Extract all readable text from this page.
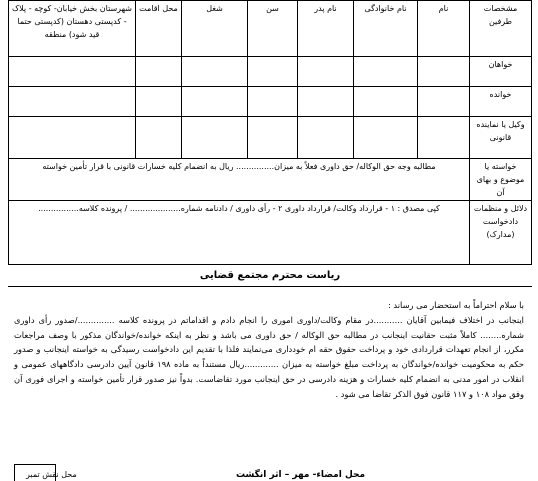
مشخصات طرفین	نام	نام خانوادگی	نام پدر	سن	شغل	محل اقامت	شهرستان بخش خیابان- کوچه - پلاک - کدپستی دهستان (کدپستی حتما قید شود) منطقه
خواهان							
خوانده							
وکیل یا نماینده قانونی							
خواسته یا موضوع و بهای آن	مطالبه وجه حق الوکاله/ حق داوری فعلاً به میزان............... ریال به انضمام کلیه خسارات قانونی با قرار تأمین خواسته						
دلائل و منظمات دادخواست (مدارک)	کپی مصدق : ۱ - قرارداد وکالت/ قرارداد داوری ۲ - رأی داوری / دادنامه شماره.................... / پرونده کلاسه................						
ریاست محترم مجتمع قضایی

با سلام احتراماً به استحضار می رساند :

اینجانب در اختلاف فیمابین آقایان ...........در مقام وکالت/داوری اموری را انجام دادم و اقداماتم در پرونده کلاسه ............../صدور رأی داوری شماره........ کاملاً مثبت حقانیت اینجانب در مطالبه حق الوکاله / حق داوری می باشد و نظر به اینکه خوانده/خواندگان مذکور با وصف مراجعات مکرر، از انجام تعهدات قراردادی خود و پرداخت حقوق حقه ام خودداری می‌نمایند فلذا با تقدیم این دادخواست رسیدگی به خواسته اینجانب و صدور حکم به محکومیت خوانده/خواندگان به پرداخت مبلغ خواسته به میزان .............ریال مستنداً به ماده ۱۹۸ قانون آیین دادرسی دادگاههای عمومی و انقلاب در امور مدنی به انضمام کلیه خسارات و هزینه دادرسی در حق اینجانب مورد تقاضاست. بدواً نیز صدور قرار تأمین خواسته و اجرای فوری آن وفق مواد ۱۰۸ و ۱۱۷ قانون فوق الذکر تقاضا می شود .

محل نقش تمبر	محل امضاء- مهر – اثر انگشت
